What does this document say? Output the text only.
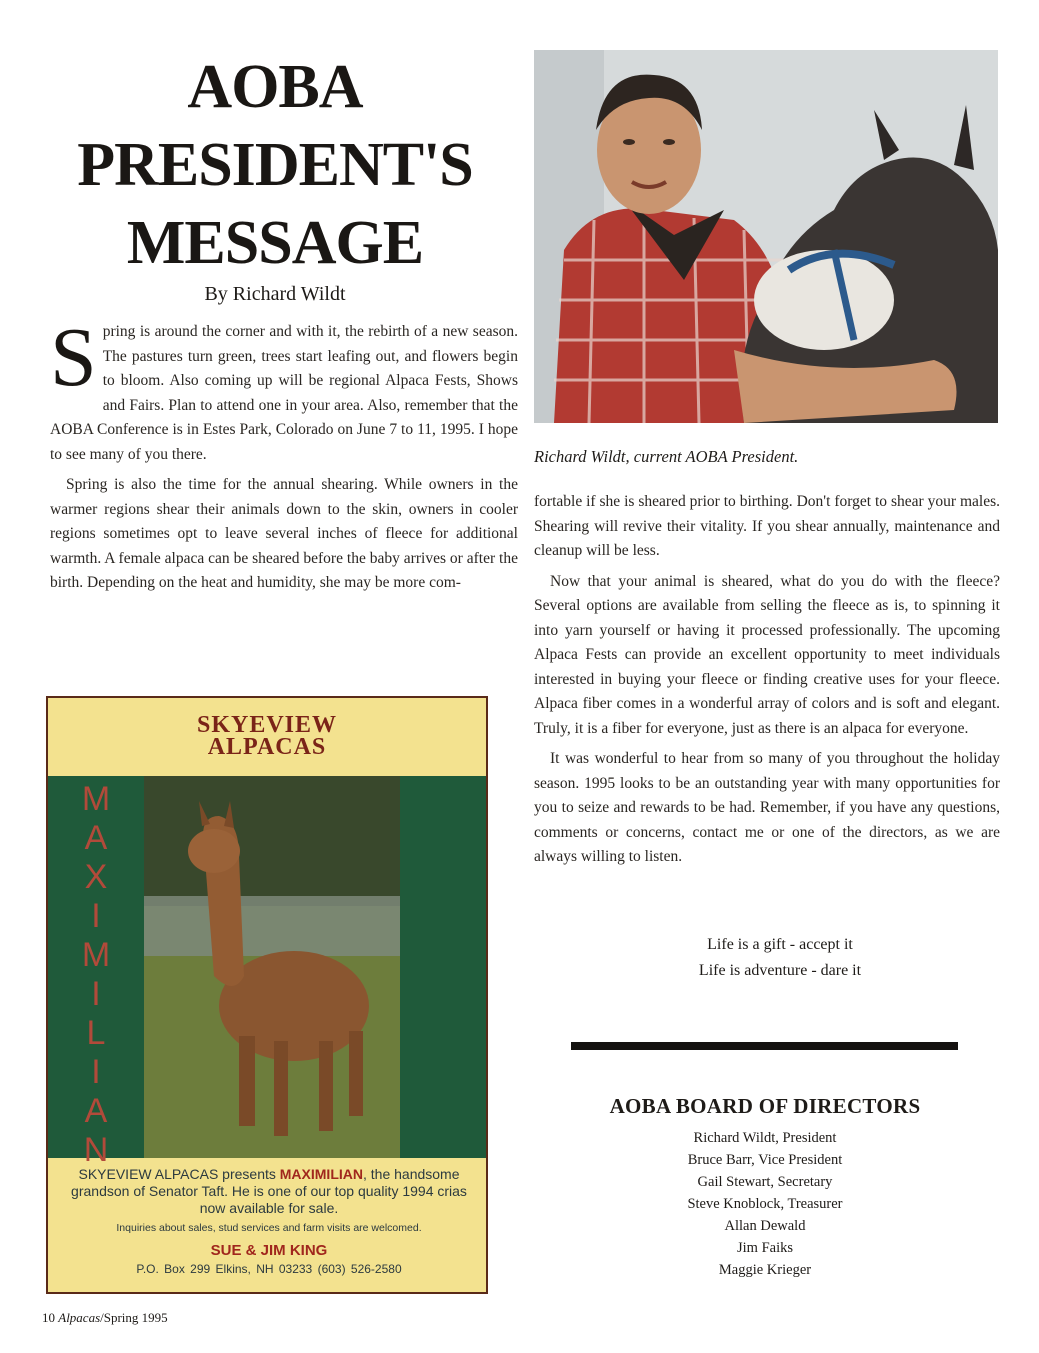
AOBA
PRESIDENT'S
MESSAGE
By Richard Wildt

Spring is around the corner and with it, the rebirth of a new season. The pastures turn green, trees start leafing out, and flowers begin to bloom. Also coming up will be regional Alpaca Fests, Shows and Fairs. Plan to attend one in your area. Also, remember that the AOBA Conference is in Estes Park, Colorado on June 7 to 11, 1995. I hope to see many of you there.

Spring is also the time for the annual shearing. While owners in the warmer regions shear their animals down to the skin, owners in cooler regions sometimes opt to leave several inches of fleece for additional warmth. A female alpaca can be sheared before the baby arrives or after the birth. Depending on the heat and humidity, she may be more com-

Richard Wildt, current AOBA President.

fortable if she is sheared prior to birthing. Don't forget to shear your males. Shearing will revive their vitality. If you shear annually, maintenance and cleanup will be less.

Now that your animal is sheared, what do you do with the fleece? Several options are available from selling the fleece as is, to spinning it into yarn yourself or having it processed professionally. The upcoming Alpaca Fests can provide an excellent opportunity to meet individuals interested in buying your fleece or finding creative uses for your fleece. Alpaca fiber comes in a wonderful array of colors and is soft and elegant. Truly, it is a fiber for everyone, just as there is an alpaca for everyone.

It was wonderful to hear from so many of you throughout the holiday season. 1995 looks to be an outstanding year with many opportunities for you to seize and rewards to be had. Remember, if you have any questions, comments or concerns, contact me or one of the directors, as we are always willing to listen.

Life is a gift - accept it
Life is adventure - dare it
AOBA BOARD OF DIRECTORS
Richard Wildt, President
Bruce Barr, Vice President
Gail Stewart, Secretary
Steve Knoblock, Treasurer
Allan Dewald
Jim Faiks
Maggie Krieger
SKYEVIEW
ALPACAS
M
A
X
I
M
I
L
I
A
N
SKYEVIEW ALPACAS presents MAXIMILIAN, the handsome grandson of Senator Taft. He is one of our top quality 1994 crias now available for sale.
Inquiries about sales, stud services and farm visits are welcomed.
SUE & JIM KING
P.O. Box 299 Elkins, NH 03233 (603) 526-2580
10 Alpacas/Spring 1995
